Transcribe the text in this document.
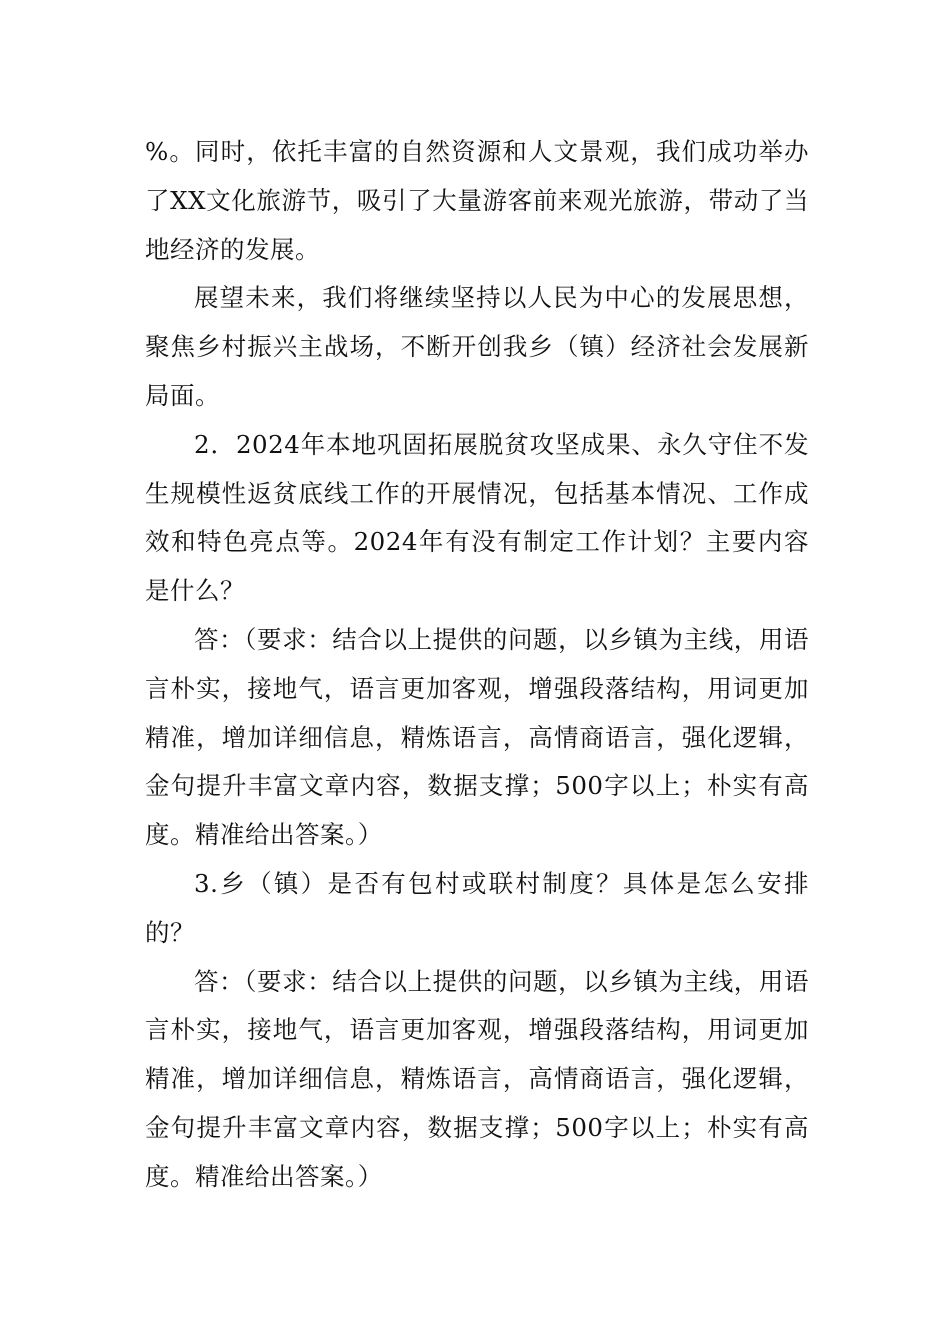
%。同时，依托丰富的自然资源和人文景观，我们成功举办了XX文化旅游节，吸引了大量游客前来观光旅游，带动了当地经济的发展。

展望未来，我们将继续坚持以人民为中心的发展思想，聚焦乡村振兴主战场，不断开创我乡（镇）经济社会发展新局面。

2．2024年本地巩固拓展脱贫攻坚成果、永久守住不发生规模性返贫底线工作的开展情况，包括基本情况、工作成效和特色亮点等。2024年有没有制定工作计划？主要内容是什么？

答：（要求：结合以上提供的问题，以乡镇为主线，用语言朴实，接地气，语言更加客观，增强段落结构，用词更加精准，增加详细信息，精炼语言，高情商语言，强化逻辑，金句提升丰富文章内容，数据支撑；500字以上；朴实有高度。精准给出答案。）

3.乡（镇）是否有包村或联村制度？具体是怎么安排的？

答：（要求：结合以上提供的问题，以乡镇为主线，用语言朴实，接地气，语言更加客观，增强段落结构，用词更加精准，增加详细信息，精炼语言，高情商语言，强化逻辑，金句提升丰富文章内容，数据支撑；500字以上；朴实有高度。精准给出答案。）
